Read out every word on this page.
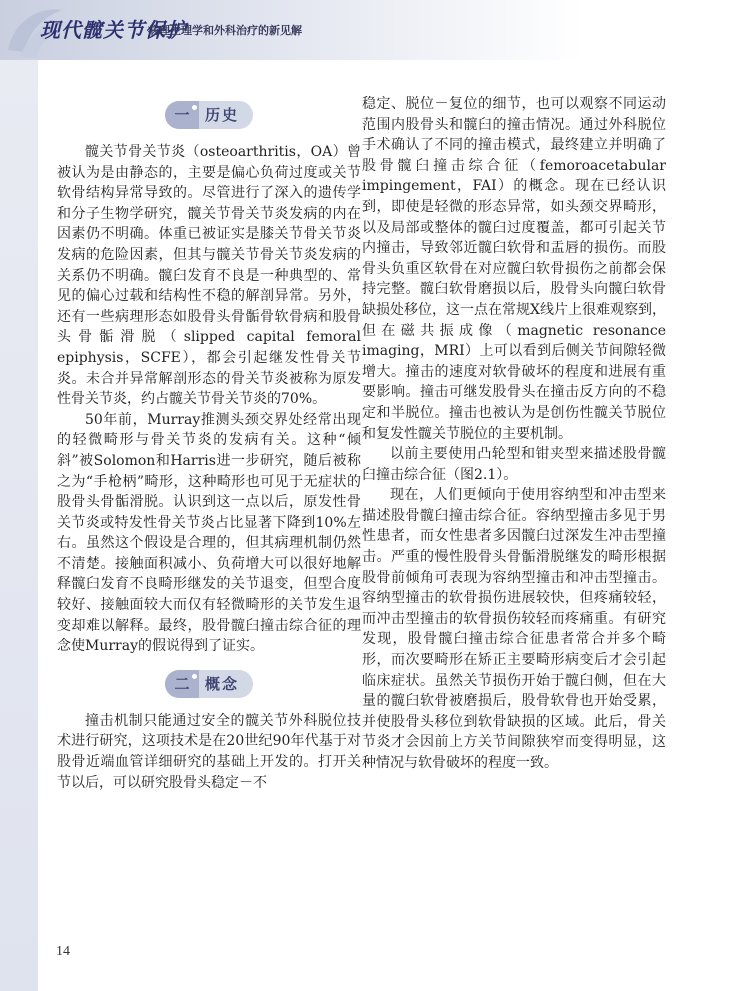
现代髋关节保护
病理生理学和外科治疗的新见解
一	历史

髋关节骨关节炎（osteoarthritis，OA）曾被认为是由静态的，主要是偏心负荷过度或关节软骨结构异常导致的。尽管进行了深入的遗传学和分子生物学研究，髋关节骨关节炎发病的内在因素仍不明确。体重已被证实是膝关节骨关节炎发病的危险因素，但其与髋关节骨关节炎发病的关系仍不明确。髋臼发育不良是一种典型的、常见的偏心过载和结构性不稳的解剖异常。另外，还有一些病理形态如股骨头骨骺骨软骨病和股骨头骨骺滑脱（slipped capital femoral epiphysis，SCFE），都会引起继发性骨关节炎。未合并异常解剖形态的骨关节炎被称为原发性骨关节炎，约占髋关节骨关节炎的70%。

50年前，Murray推测头颈交界处经常出现的轻微畸形与骨关节炎的发病有关。这种“倾斜”被Solomon和Harris进一步研究，随后被称之为“手枪柄”畸形，这种畸形也可见于无症状的股骨头骨骺滑脱。认识到这一点以后，原发性骨关节炎或特发性骨关节炎占比显著下降到10%左右。虽然这个假设是合理的，但其病理机制仍然不清楚。接触面积减小、负荷增大可以很好地解释髋臼发育不良畸形继发的关节退变，但型合度较好、接触面较大而仅有轻微畸形的关节发生退变却难以解释。最终，股骨髋臼撞击综合征的理念使Murray的假说得到了证实。

二	概念

撞击机制只能通过安全的髋关节外科脱位技术进行研究，这项技术是在20世纪90年代基于对股骨近端血管详细研究的基础上开发的。打开关节以后，可以研究股骨头稳定－不

稳定、脱位－复位的细节，也可以观察不同运动范围内股骨头和髋臼的撞击情况。通过外科脱位手术确认了不同的撞击模式，最终建立并明确了股骨髋臼撞击综合征（femoroacetabular impingement，FAI）的概念。现在已经认识到，即使是轻微的形态异常，如头颈交界畸形，以及局部或整体的髋臼过度覆盖，都可引起关节内撞击，导致邻近髋臼软骨和盂唇的损伤。而股骨头负重区软骨在对应髋臼软骨损伤之前都会保持完整。髋臼软骨磨损以后，股骨头向髋臼软骨缺损处移位，这一点在常规X线片上很难观察到，但在磁共振成像（magnetic resonance imaging，MRI）上可以看到后侧关节间隙轻微增大。撞击的速度对软骨破坏的程度和进展有重要影响。撞击可继发股骨头在撞击反方向的不稳定和半脱位。撞击也被认为是创伤性髋关节脱位和复发性髋关节脱位的主要机制。

以前主要使用凸轮型和钳夹型来描述股骨髋臼撞击综合征（图2.1）。

现在，人们更倾向于使用容纳型和冲击型来描述股骨髋臼撞击综合征。容纳型撞击多见于男性患者，而女性患者多因髋臼过深发生冲击型撞击。严重的慢性股骨头骨骺滑脱继发的畸形根据股骨前倾角可表现为容纳型撞击和冲击型撞击。容纳型撞击的软骨损伤进展较快，但疼痛较轻，而冲击型撞击的软骨损伤较轻而疼痛重。有研究发现，股骨髋臼撞击综合征患者常合并多个畸形，而次要畸形在矫正主要畸形病变后才会引起临床症状。虽然关节损伤开始于髋臼侧，但在大量的髋臼软骨被磨损后，股骨软骨也开始受累，并使股骨头移位到软骨缺损的区域。此后，骨关节炎才会因前上方关节间隙狭窄而变得明显，这种情况与软骨破坏的程度一致。

14
